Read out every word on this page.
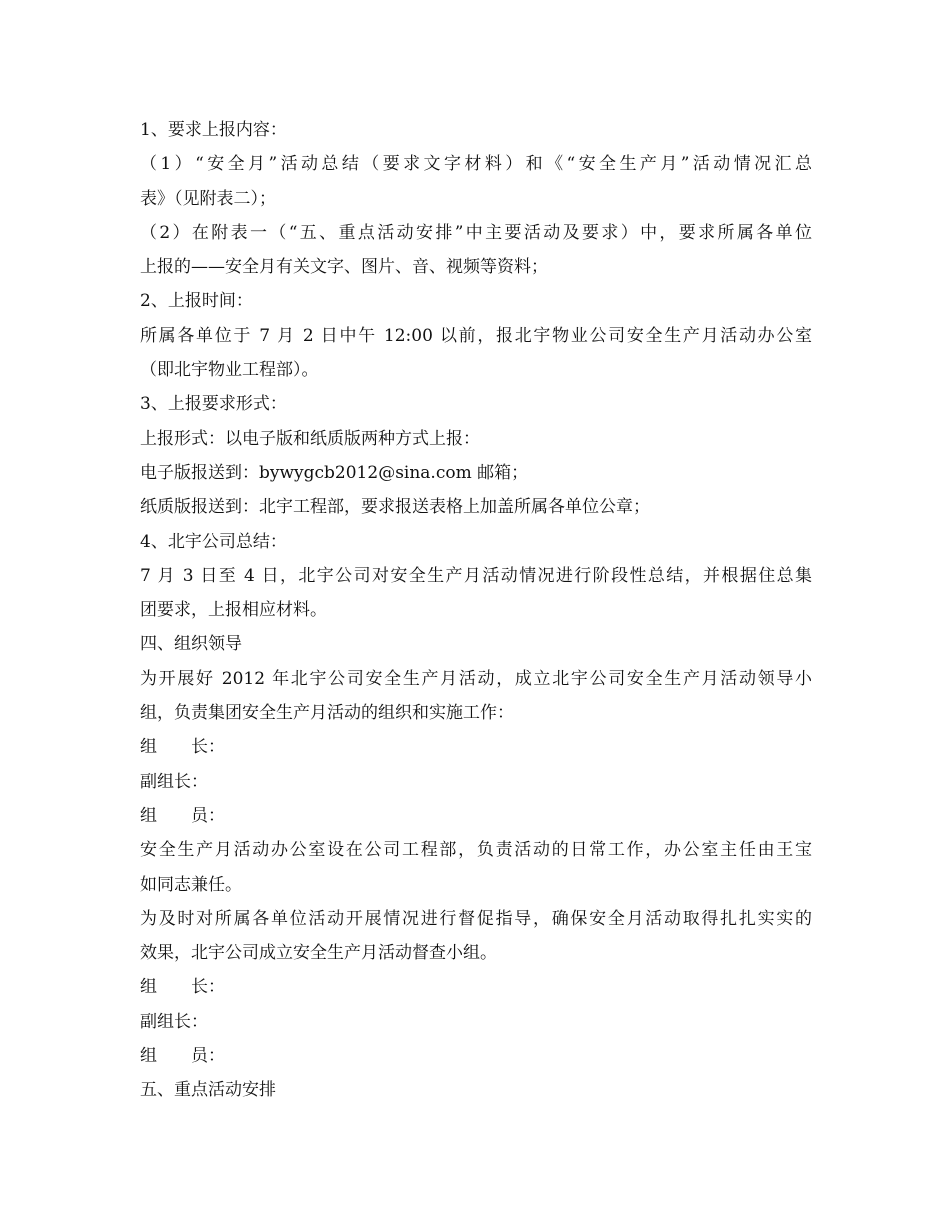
1、要求上报内容：
（1）“安全月”活动总结（要求文字材料）和《“安全生产月”活动情况汇总
表》（见附表二）；
（2）在附表一（“五、重点活动安排”中主要活动及要求）中，要求所属各单位
上报的——安全月有关文字、图片、音、视频等资料；
2、上报时间：
所属各单位于 7 月 2 日中午 12:00 以前，报北宇物业公司安全生产月活动办公室
（即北宇物业工程部）。
3、上报要求形式：
上报形式：以电子版和纸质版两种方式上报：
电子版报送到：bywygcb2012@sina.com 邮箱；
纸质版报送到：北宇工程部，要求报送表格上加盖所属各单位公章；
4、北宇公司总结：
7 月 3 日至 4 日，北宇公司对安全生产月活动情况进行阶段性总结，并根据住总集
团要求，上报相应材料。
四、组织领导
为开展好 2012 年北宇公司安全生产月活动，成立北宇公司安全生产月活动领导小
组，负责集团安全生产月活动的组织和实施工作：
组　　长：
副组长：
组　　员：
安全生产月活动办公室设在公司工程部，负责活动的日常工作，办公室主任由王宝
如同志兼任。
为及时对所属各单位活动开展情况进行督促指导，确保安全月活动取得扎扎实实的
效果，北宇公司成立安全生产月活动督查小组。
组　　长：
副组长：
组　　员：
五、重点活动安排
